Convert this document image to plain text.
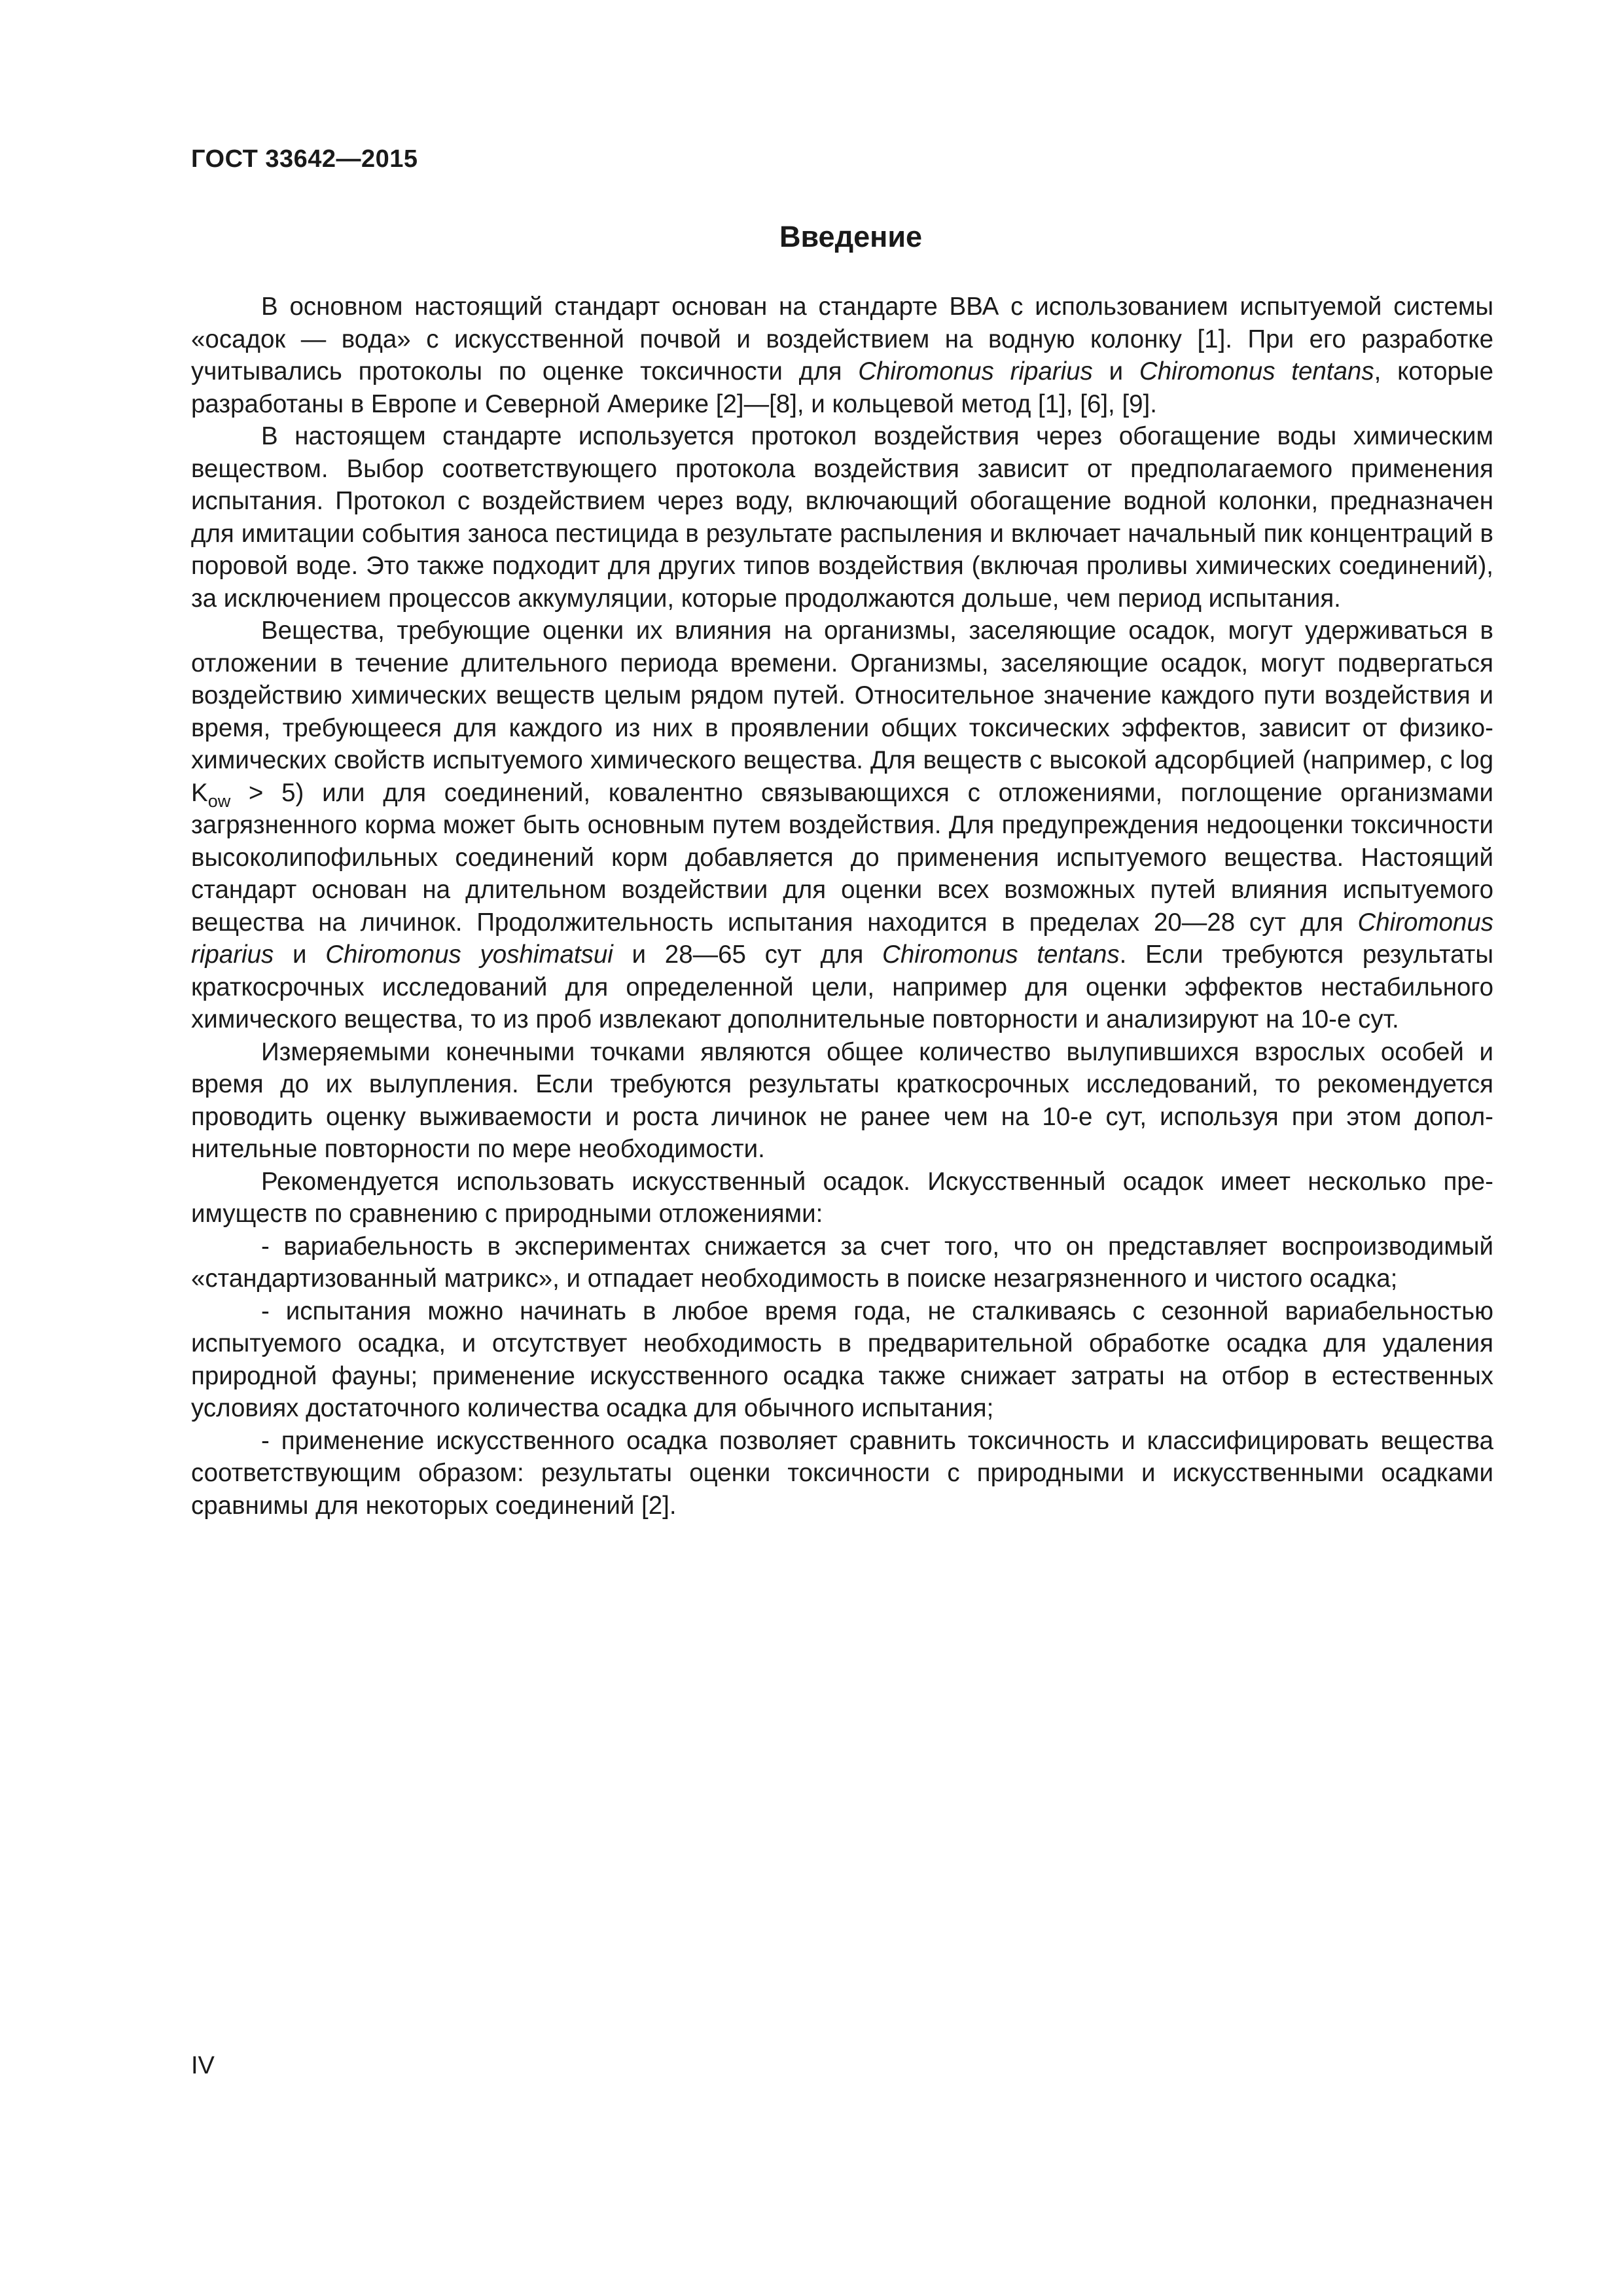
ГОСТ 33642—2015
Введение

В основном настоящий стандарт основан на стандарте ВВА с использованием испытуемой системы «осадок — вода» с искусственной почвой и воздействием на водную колонку [1]. При его разработке учитывались протоколы по оценке токсичности для Chiromonus riparius и Chiromonus tentans, которые разработаны в Европе и Северной Америке [2]—[8], и кольцевой метод [1], [6], [9].

В настоящем стандарте используется протокол воздействия через обогащение воды химическим веществом. Выбор соответствующего протокола воздействия зависит от предполагаемого применения испытания. Протокол с воздействием через воду, включающий обогащение водной колонки, предназначен для имитации события заноса пестицида в результате распыления и включает начальный пик концентраций в поровой воде. Это также подходит для других типов воздействия (включая проливы химических соединений), за исключением процессов аккумуляции, которые продолжаются дольше, чем период испытания.

Вещества, требующие оценки их влияния на организмы, заселяющие осадок, могут удерживаться в отложении в течение длительного периода времени. Организмы, заселяющие осадок, могут подвергаться воздействию химических веществ целым рядом путей. Относительное значение каждого пути воздействия и время, требующееся для каждого из них в проявлении общих токсических эффектов, зависит от физико-химических свойств испытуемого химического вещества. Для веществ с высокой адсорбцией (например, с $\log K_{ow} > 5$) или для соединений, ковалентно связывающихся с отложениями, поглощение организмами загрязненного корма может быть основным путем воздействия. Для предупреждения недооценки токсичности высоколипофильных соединений корм добавляется до применения испытуемого вещества. Настоящий стандарт основан на длительном воздействии для оценки всех возможных путей влияния испытуемого вещества на личинок. Продолжительность испытания находится в пределах 20—28 сут для Chiromonus riparius и Chiromonus yoshimatsui и 28—65 сут для Chiromonus tentans. Если требуются результаты краткосрочных исследований для определенной цели, например для оценки эффектов нестабильного химического вещества, то из проб извлекают дополнительные повторности и анализируют на 10-е сут.

Измеряемыми конечными точками являются общее количество вылупившихся взрослых особей и время до их вылупления. Если требуются результаты краткосрочных исследований, то рекомендуется проводить оценку выживаемости и роста личинок не ранее чем на 10-е сут, используя при этом дополнительные повторности по мере необходимости.

Рекомендуется использовать искусственный осадок. Искусственный осадок имеет несколько преимуществ по сравнению с природными отложениями:

- вариабельность в экспериментах снижается за счет того, что он представляет воспроизводимый «стандартизованный матрикс», и отпадает необходимость в поиске незагрязненного и чистого осадка;

- испытания можно начинать в любое время года, не сталкиваясь с сезонной вариабельностью испытуемого осадка, и отсутствует необходимость в предварительной обработке осадка для удаления природной фауны; применение искусственного осадка также снижает затраты на отбор в естественных условиях достаточного количества осадка для обычного испытания;

- применение искусственного осадка позволяет сравнить токсичность и классифицировать вещества соответствующим образом: результаты оценки токсичности с природными и искусственными осадками сравнимы для некоторых соединений [2].

IV
